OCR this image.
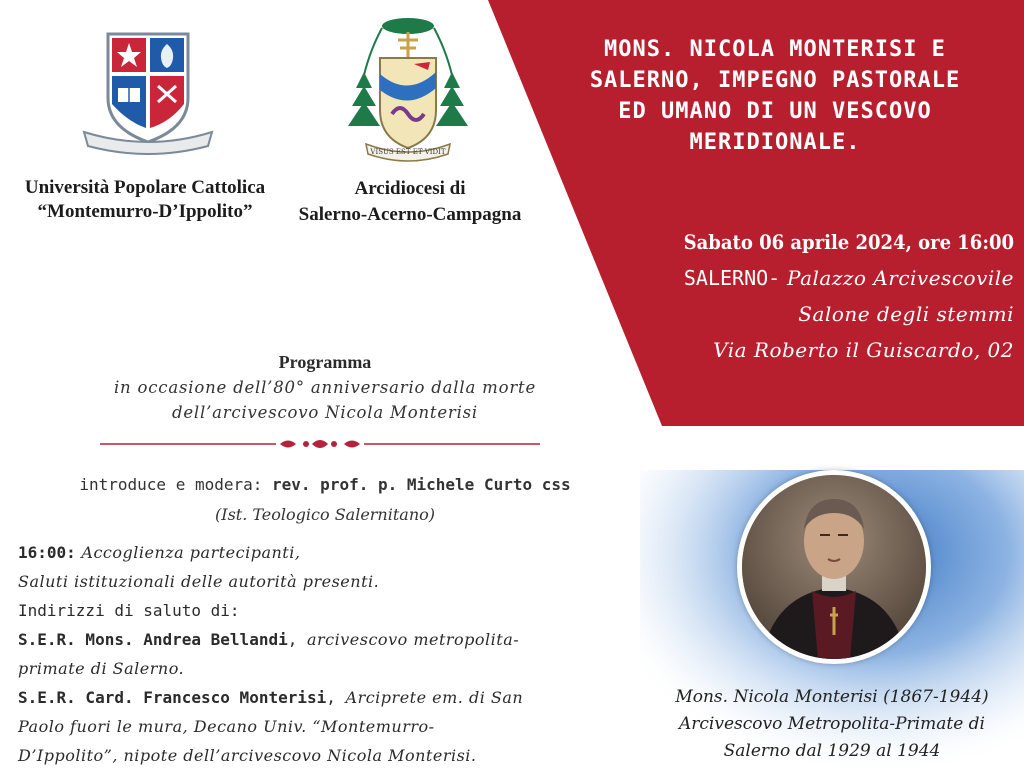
VISUS EST ET VIDIT
Università Popolare Cattolica
“Montemurro-D’Ippolito”
Arcidiocesi di
Salerno-Acerno-Campagna
MONS. NICOLA MONTERISI E
SALERNO, IMPEGNO PASTORALE
ED UMANO DI UN VESCOVO
MERIDIONALE.
Sabato 06 aprile 2024, ore 16:00
SALERNO- Palazzo Arcivescovile
Salone degli stemmi
Via Roberto il Guiscardo, 02
Programma
in occasione dell’80° anniversario dalla morte
dell’arcivescovo Nicola Monterisi
introduce e modera: rev. prof. p. Michele Curto css
(Ist. Teologico Salernitano)
16:00: Accoglienza partecipanti,
Saluti istituzionali delle autorità presenti.
Indirizzi di saluto di:
S.E.R. Mons. Andrea Bellandi, arcivescovo metropolita-
primate di Salerno.
S.E.R. Card. Francesco Monterisi, Arciprete em. di San
Paolo fuori le mura, Decano Univ. “Montemurro-
D’Ippolito”, nipote dell’arcivescovo Nicola Monterisi.
Mons. Nicola Monterisi (1867-1944)
Arcivescovo Metropolita-Primate di
Salerno dal 1929 al 1944
